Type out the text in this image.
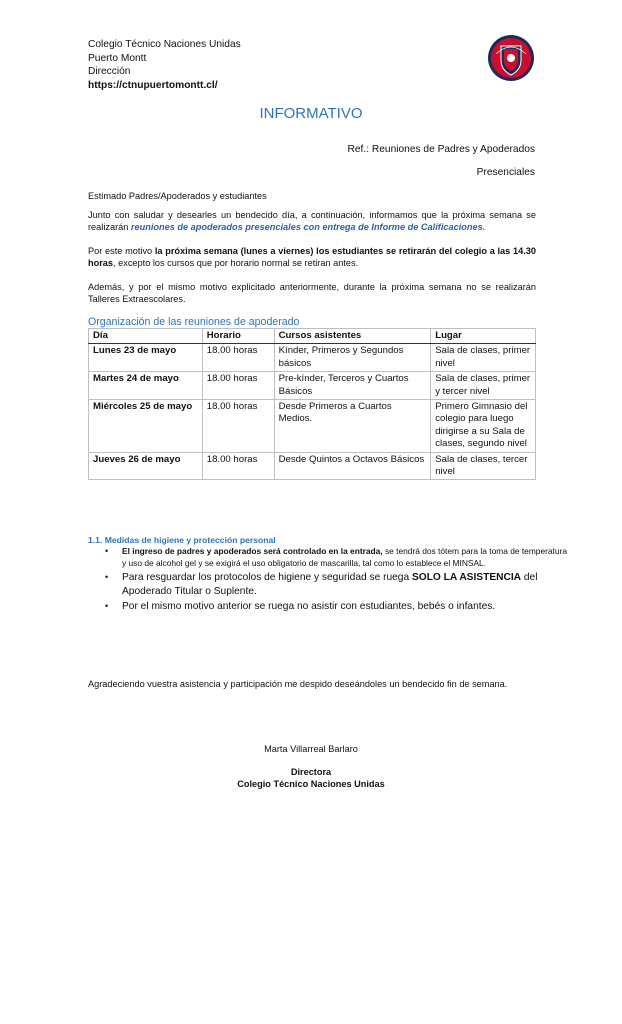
Colegio Técnico Naciones Unidas
Puerto Montt
Dirección
https://ctnupuertomontt.cl/
INFORMATIVO
Ref.: Reuniones de Padres y Apoderados
Presenciales
Estimado Padres/Apoderados y estudiantes
Junto con saludar y desearles un bendecido día, a continuación, informamos que la próxima semana se realizarán reuniones de apoderados presenciales con entrega de Informe de Calificaciones.
Por este motivo la próxima semana (lunes a viernes) los estudiantes se retirarán del colegio a las 14.30 horas, excepto los cursos que por horario normal se retiran antes.
Además, y por el mismo motivo explicitado anteriormente, durante la próxima semana no se realizarán Talleres Extraescolares.
Organización de las reuniones de apoderado
Día	Horario	Cursos asistentes	Lugar
Lunes 23 de mayo	18.00 horas	Kínder, Primeros y Segundos básicos	Sala de clases, primer nivel
Martes 24 de mayo	18.00 horas	Pre-kínder, Terceros y Cuartos Básicos	Sala de clases, primer y tercer nivel
Miércoles 25 de mayo	18.00 horas	Desde Primeros a Cuartos Medios.	Primero Gimnasio del colegio para luego dirigirse a su Sala de clases, segundo nivel
Jueves 26 de mayo	18.00 horas	Desde Quintos a Octavos Básicos	Sala de clases, tercer nivel
1.1. Medidas de higiene y protección personal
• El ingreso de padres y apoderados será controlado en la entrada, se tendrá dos tótem para la toma de temperatura y uso de alcohol gel y se exigirá el uso obligatorio de mascarilla, tal como lo establece el MINSAL.
• Para resguardar los protocolos de higiene y seguridad se ruega SOLO LA ASISTENCIA del Apoderado Titular o Suplente.
• Por el mismo motivo anterior se ruega no asistir con estudiantes, bebés o infantes.
Agradeciendo vuestra asistencia y participación me despido deseándoles un bendecido fin de semana.
Marta Villarreal Barlaro
Directora
Colegio Técnico Naciones Unidas
